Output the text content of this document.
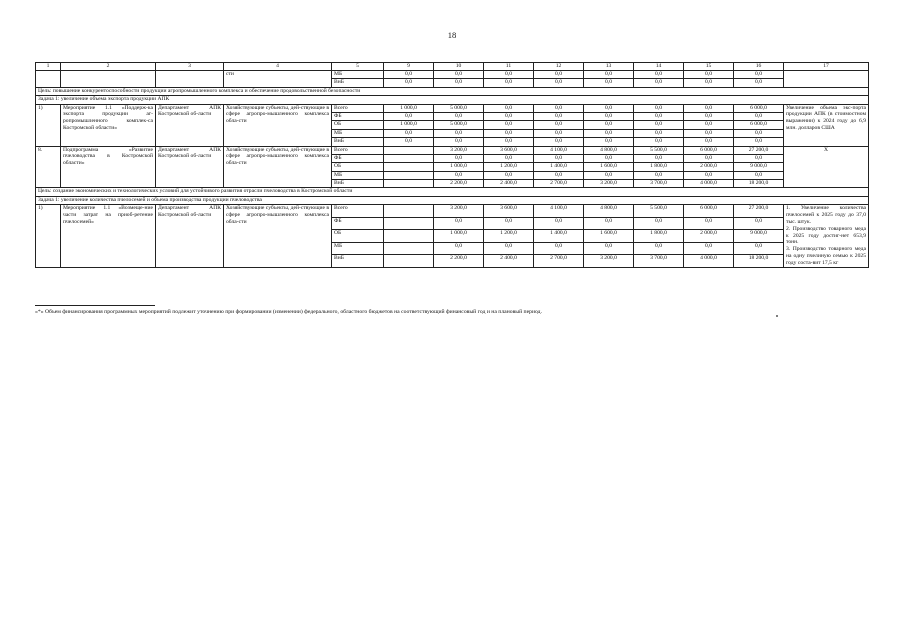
18
1	2	3	4	5	9	10	11	12	13	14	15	16	17
			сти	МБ	0,0	0,0	0,0	0,0	0,0	0,0	0,0	0,0	
				ВнБ	0,0	0,0	0,0	0,0	0,0	0,0	0,0	0,0	
Цель: повышение конкурентоспособности продукции агропромышленного комплекса и обеспечение продовольственной безопасности													
Задача 1: увеличение объема экспорта продукции АПК													
1)	Мероприятие 1.1 «Поддерж-ка экспорта продукции аг-ропромышленного комплек-са Костромской области»	Департамент АПК Костромской об-ласти	Хозяйствующие субъекты, дей-ствующие в сфере агропро-мышленного комплекса обла-сти	Всего	1 000,0	5 000,0	0,0	0,0	0,0	0,0	0,0	6 000,0	Увеличение объема экс-порта продукции АПК (в стоимостном выражении) к 2024 году до 6,9 млн. долларов США
				ФБ	0,0	0,0	0,0	0,0	0,0	0,0	0,0	0,0	
				ОБ	1 000,0	5 000,0	0,0	0,0	0,0	0,0	0,0	6 000,0	
				МБ	0,0	0,0	0,0	0,0	0,0	0,0	0,0	0,0	
				ВнБ	0,0	0,0	0,0	0,0	0,0	0,0	0,0	0,0	
8.	Подпрограмма «Развитие пчеловодства в Костромской области»	Департамент АПК Костромской об-ласти	Хозяйствующие субъекты, дей-ствующие в сфере агропро-мышленного комплекса обла-сти	Всего		3 200,0	3 600,0	4 100,0	4 800,0	5 500,0	6 000,0	27 200,0	X
				ФБ		0,0	0,0	0,0	0,0	0,0	0,0	0,0	
				ОБ		1 000,0	1 200,0	1 400,0	1 600,0	1 800,0	2 000,0	9 000,0	
				МБ		0,0	0,0	0,0	0,0	0,0	0,0	0,0	
				ВнБ		2 200,0	2 400,0	2 700,0	3 200,0	3 700,0	4 000,0	18 200,0	
Цель: создание экономических и технологических условий для устойчивого развития отрасли пчеловодства в Костромской области													
Задача 1: увеличение количества пчелосемей и объема производства продукции пчеловодства													
1)	Мероприятие 1.1 «Возмеще-ние части затрат на приоб-ретение пчелосемей»	Департамент АПК Костромской об-ласти	Хозяйствующие субъекты, дей-ствующие в сфере агропро-мышленного комплекса обла-сти	Всего		3 200,0	3 600,0	4 100,0	4 800,0	5 500,0	6 000,0	27 200,0	1. Увеличение количества пчелосемей к 2025 году до 37,0 тыс. штук.
2. Производство товарного меда к 2025 году достиг-нет 653,9 тонн.
3. Производство товарного меда на одну пчелиную семью к 2025 году соста-вит 17,5 кг
				ФБ		0,0	0,0	0,0	0,0	0,0	0,0	0,0	
				ОБ		1 000,0	1 200,0	1 400,0	1 600,0	1 800,0	2 000,0	9 000,0	
				МБ		0,0	0,0	0,0	0,0	0,0	0,0	0,0	
				ВнБ		2 200,0	2 400,0	2 700,0	3 200,0	3 700,0	4 000,0	18 200,0	
«*» Объем финансирования программных мероприятий подлежит уточнению при формировании (изменении) федерального, областного бюджетов на соответствующий финансовый год и на плановый период.
